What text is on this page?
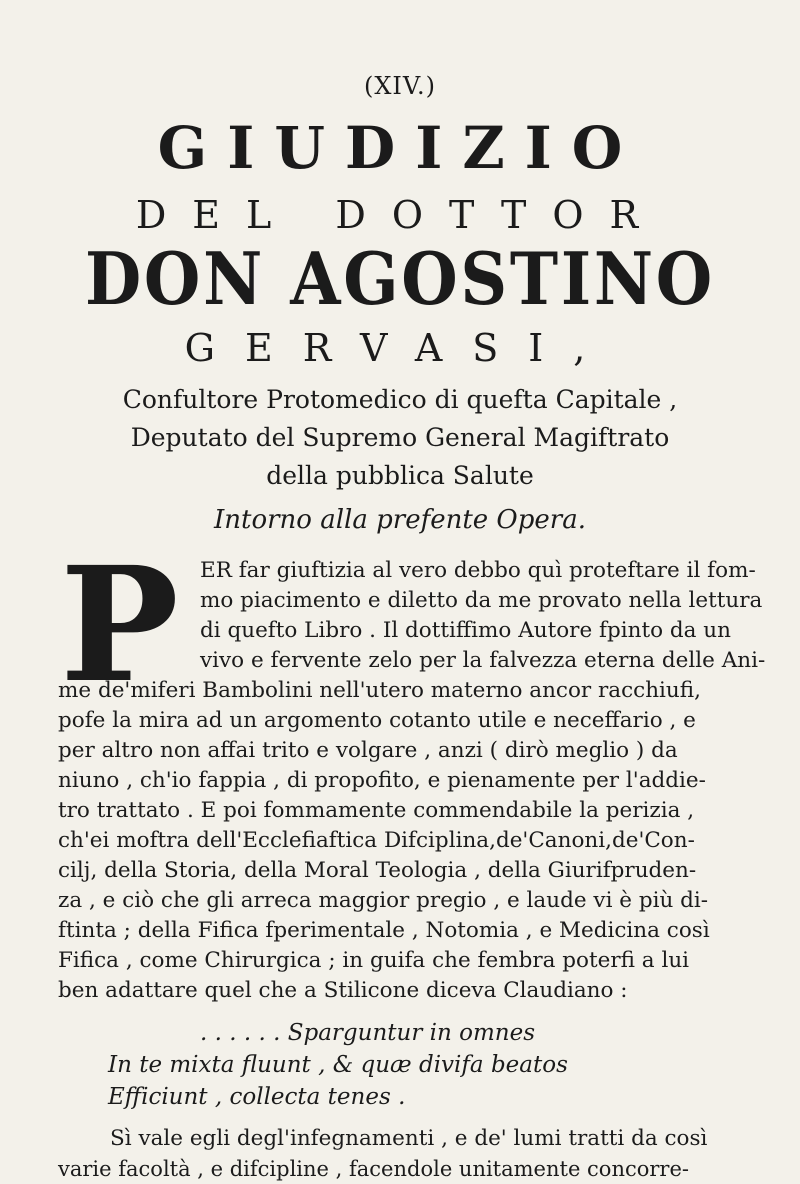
(XIV.)
GIUDIZIO
DEL DOTTOR
DON AGOSTINO
GERVASI,
Confultore Protomedico di quefta Capitale ,
Deputato del Supremo General Magiftrato
della pubblica Salute
Intorno alla prefente Opera.
P ER far giuftizia al vero debbo quì proteftare il fom-
mo piacimento e diletto da me provato nella lettura
di quefto Libro . Il dottiffimo Autore fpinto da un
vivo e fervente zelo per la falvezza eterna delle Ani-
me de'miferi Bambolini nell'utero materno ancor racchiufi,
pofe la mira ad un argomento cotanto utile e neceffario , e
per altro non affai trito e volgare , anzi ( dirò meglio ) da
niuno , ch'io fappia , di propofito, e pienamente per l'addie-
tro trattato . E poi fommamente commendabile la perizia ,
ch'ei moftra dell'Ecclefiaftica Difciplina,de'Canoni,de'Con-
cilj, della Storia, della Moral Teologia , della Giurifpruden-
za , e ciò che gli arreca maggior pregio , e laude vi è più di-
ftinta ; della Fifica fperimentale , Notomia , e Medicina così
Fifica , come Chirurgica ; in guifa che fembra poterfi a lui
ben adattare quel che a Stilicone diceva Claudiano :
. . . . . . Sparguntur in omnes
In te mixta fluunt , & quæ divifa beatos
Efficiunt , collecta tenes .
Sì vale egli degl'infegnamenti , e de' lumi tratti da così
varie facoltà , e difcipline , facendole unitamente concorre-
